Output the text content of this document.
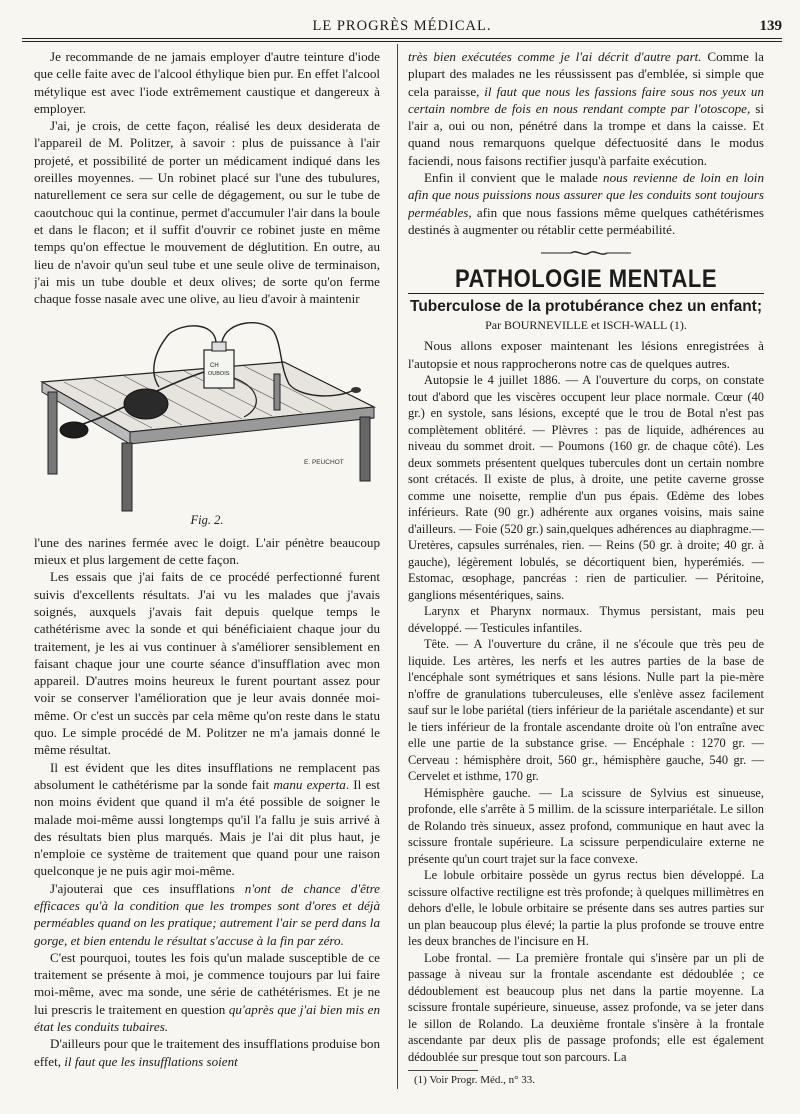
LE PROGRÈS MÉDICAL.	139

Je recommande de ne jamais employer d'autre teinture d'iode que celle faite avec de l'alcool éthylique bien pur. En effet l'alcool métylique est avec l'iode extrêmement caustique et dangereux à employer.

J'ai, je crois, de cette façon, réalisé les deux desiderata de l'appareil de M. Politzer, à savoir : plus de puissance à l'air projeté, et possibilité de porter un médicament indiqué dans les oreilles moyennes. — Un robinet placé sur l'une des tubulures, naturellement ce sera sur celle de dégagement, ou sur le tube de caoutchouc qui la continue, permet d'accumuler l'air dans la boule et dans le flacon; et il suffit d'ouvrir ce robinet juste en même temps qu'on effectue le mouvement de déglutition. En outre, au lieu de n'avoir qu'un seul tube et une seule olive de terminaison, j'ai mis un tube double et deux olives; de sorte qu'on ferme chaque fosse nasale avec une olive, au lieu d'avoir à maintenir

E. PEUCHOT
CH
OUBOIS
Fig. 2.

l'une des narines fermée avec le doigt. L'air pénètre beaucoup mieux et plus largement de cette façon.

Les essais que j'ai faits de ce procédé perfectionné furent suivis d'excellents résultats. J'ai vu les malades que j'avais soignés, auxquels j'avais fait depuis quelque temps le cathétérisme avec la sonde et qui bénéficiaient chaque jour du traitement, je les ai vus continuer à s'améliorer sensiblement en faisant chaque jour une courte séance d'insufflation avec mon appareil. D'autres moins heureux le furent pourtant assez pour voir se conserver l'amélioration que je leur avais donnée moi-même. Or c'est un succès par cela même qu'on reste dans le statu quo. Le simple procédé de M. Politzer ne m'a jamais donné le même résultat.

Il est évident que les dites insufflations ne remplacent pas absolument le cathétérisme par la sonde fait manu experta. Il est non moins évident que quand il m'a été possible de soigner le malade moi-même aussi longtemps qu'il l'a fallu je suis arrivé à des résultats bien plus marqués. Mais je l'ai dit plus haut, je n'emploie ce système de traitement que quand pour une raison quelconque je ne puis agir moi-même.

J'ajouterai que ces insufflations n'ont de chance d'être efficaces qu'à la condition que les trompes sont d'ores et déjà perméables quand on les pratique; autrement l'air se perd dans la gorge, et bien entendu le résultat s'accuse à la fin par zéro.

C'est pourquoi, toutes les fois qu'un malade susceptible de ce traitement se présente à moi, je commence toujours par lui faire moi-même, avec ma sonde, une série de cathétérismes. Et je ne lui prescris le traitement en question qu'après que j'ai bien mis en état les conduits tubaires.

D'ailleurs pour que le traitement des insufflations produise bon effet, il faut que les insufflations soient

très bien exécutées comme je l'ai décrit d'autre part. Comme la plupart des malades ne les réussissent pas d'emblée, si simple que cela paraisse, il faut que nous les fassions faire sous nos yeux un certain nombre de fois en nous rendant compte par l'otoscope, si l'air a, oui ou non, pénétré dans la trompe et dans la caisse. Et quand nous remarquons quelque défectuosité dans le modus faciendi, nous faisons rectifier jusqu'à parfaite exécution.

Enfin il convient que le malade nous revienne de loin en loin afin que nous puissions nous assurer que les conduits sont toujours perméables, afin que nous fassions même quelques cathétérismes destinés à augmenter ou rétablir cette perméabilité.

PATHOLOGIE MENTALE
Tuberculose de la protubérance chez un enfant;
Par BOURNEVILLE et ISCH-WALL (1).

Nous allons exposer maintenant les lésions enregistrées à l'autopsie et nous rapprocherons notre cas de quelques autres.

Autopsie le 4 juillet 1886. — A l'ouverture du corps, on constate tout d'abord que les viscères occupent leur place normale. Cœur (40 gr.) en systole, sans lésions, excepté que le trou de Botal n'est pas complètement oblitéré. — Plèvres : pas de liquide, adhérences au niveau du sommet droit. — Poumons (160 gr. de chaque côté). Les deux sommets présentent quelques tubercules dont un certain nombre sont crétacés. Il existe de plus, à droite, une petite caverne grosse comme une noisette, remplie d'un pus épais. Œdème des lobes inférieurs. Rate (90 gr.) adhérente aux organes voisins, mais saine d'ailleurs. — Foie (520 gr.) sain,quelques adhérences au diaphragme.—Uretères, capsules surrénales, rien. — Reins (50 gr. à droite; 40 gr. à gauche), légèrement lobulés, se décortiquent bien, hyperémiés. — Estomac, œsophage, pancréas : rien de particulier. — Péritoine, ganglions mésentériques, sains.

Larynx et Pharynx normaux. Thymus persistant, mais peu développé. — Testicules infantiles.

Tête. — A l'ouverture du crâne, il ne s'écoule que très peu de liquide. Les artères, les nerfs et les autres parties de la base de l'encéphale sont symétriques et sans lésions. Nulle part la pie-mère n'offre de granulations tuberculeuses, elle s'enlève assez facilement sauf sur le lobe pariétal (tiers inférieur de la pariétale ascendante) et sur le tiers inférieur de la frontale ascendante droite où l'on entraîne avec elle une partie de la substance grise. — Encéphale : 1270 gr. — Cerveau : hémisphère droit, 560 gr., hémisphère gauche, 540 gr. — Cervelet et isthme, 170 gr.

Hémisphère gauche. — La scissure de Sylvius est sinueuse, profonde, elle s'arrête à 5 millim. de la scissure interpariétale. Le sillon de Rolando très sinueux, assez profond, communique en haut avec la scissure frontale supérieure. La scissure perpendiculaire externe ne présente qu'un court trajet sur la face convexe.

Le lobule orbitaire possède un gyrus rectus bien développé. La scissure olfactive rectiligne est très profonde; à quelques millimètres en dehors d'elle, le lobule orbitaire se présente dans ses autres parties sur un plan beaucoup plus élevé; la partie la plus profonde se trouve entre les deux branches de l'incisure en H.

Lobe frontal. — La première frontale qui s'insère par un pli de passage à niveau sur la frontale ascendante est dédoublée ; ce dédoublement est beaucoup plus net dans la partie moyenne. La scissure frontale supérieure, sinueuse, assez profonde, va se jeter dans le sillon de Rolando. La deuxième frontale s'insère à la frontale ascendante par deux plis de passage profonds; elle est également dédoublée sur presque tout son parcours. La

(1) Voir Progr. Méd., n° 33.
